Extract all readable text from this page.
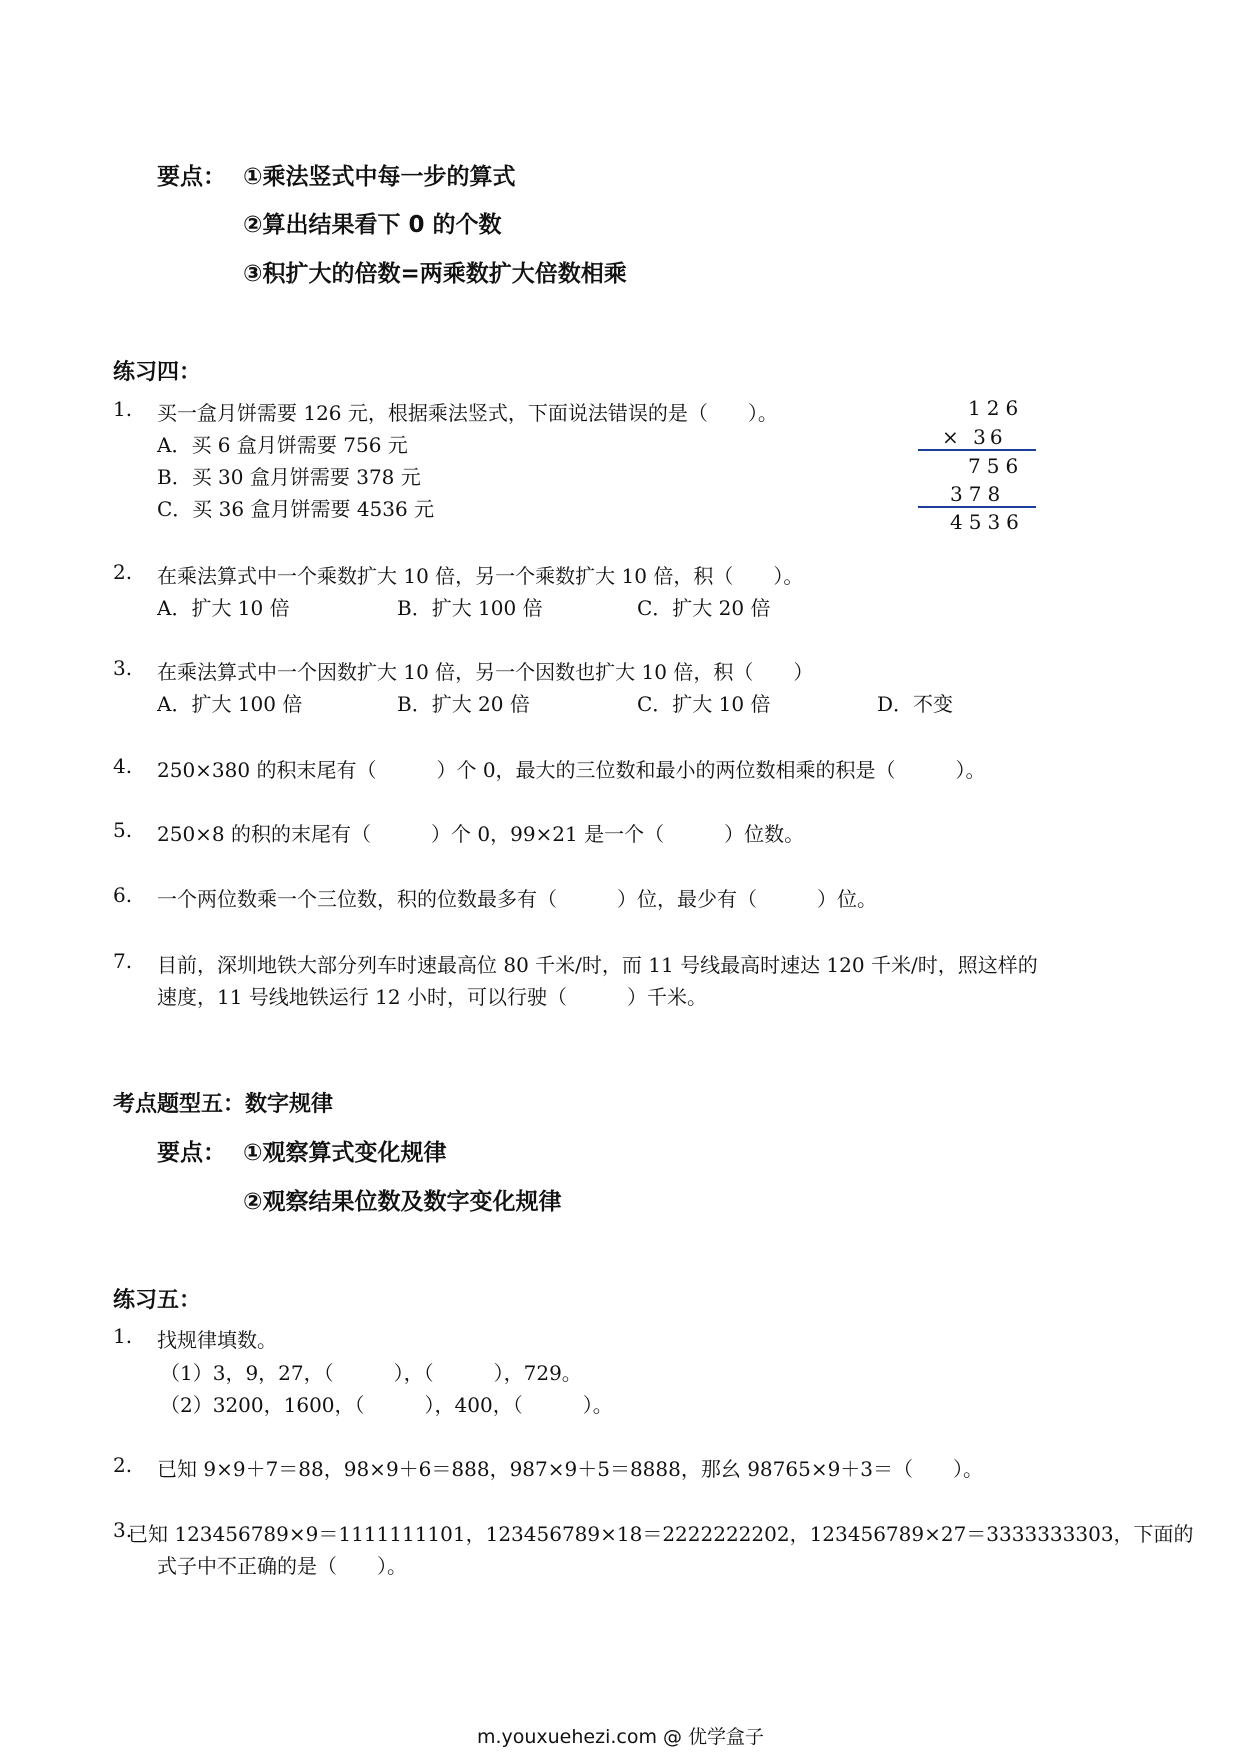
要点： ①乘法竖式中每一步的算式
②算出结果看下 0 的个数
③积扩大的倍数=两乘数扩大倍数相乘
练习四：
1. 买一盒月饼需要 126 元，根据乘法竖式，下面说法错误的是（　　）。
A．买 6 盒月饼需要 756 元
B．买 30 盒月饼需要 378 元
C．买 36 盒月饼需要 4536 元
126
× 36
756
378
4536
2. 在乘法算式中一个乘数扩大 10 倍，另一个乘数扩大 10 倍，积（　　）。
A．扩大 10 倍	B．扩大 100 倍	C．扩大 20 倍
3. 在乘法算式中一个因数扩大 10 倍，另一个因数也扩大 10 倍，积（　　）
A．扩大 100 倍	B．扩大 20 倍	C．扩大 10 倍	D．不变
4. 250×380 的积末尾有（　　　）个 0，最大的三位数和最小的两位数相乘的积是（　　　）。
5. 250×8 的积的末尾有（　　　）个 0，99×21 是一个（　　　）位数。
6. 一个两位数乘一个三位数，积的位数最多有（　　　）位，最少有（　　　）位。
7. 目前，深圳地铁大部分列车时速最高位 80 千米/时，而 11 号线最高时速达 120 千米/时，照这样的
速度，11 号线地铁运行 12 小时，可以行驶（　　　）千米。
考点题型五：数字规律
要点： ①观察算式变化规律
②观察结果位数及数字变化规律
练习五：
1. 找规律填数。
（1）3，9，27，（　　　），（　　　），729。
（2）3200，1600，（　　　），400，（　　　）。
2. 已知 9×9＋7＝88，98×9＋6＝888，987×9＋5＝8888，那幺 98765×9＋3＝（　　）。
3.
已知 123456789×9＝1111111101，123456789×18＝2222222202，123456789×27＝3333333303，下面的
式子中不正确的是（　　）。
m.youxuehezi.com @ 优学盒子
